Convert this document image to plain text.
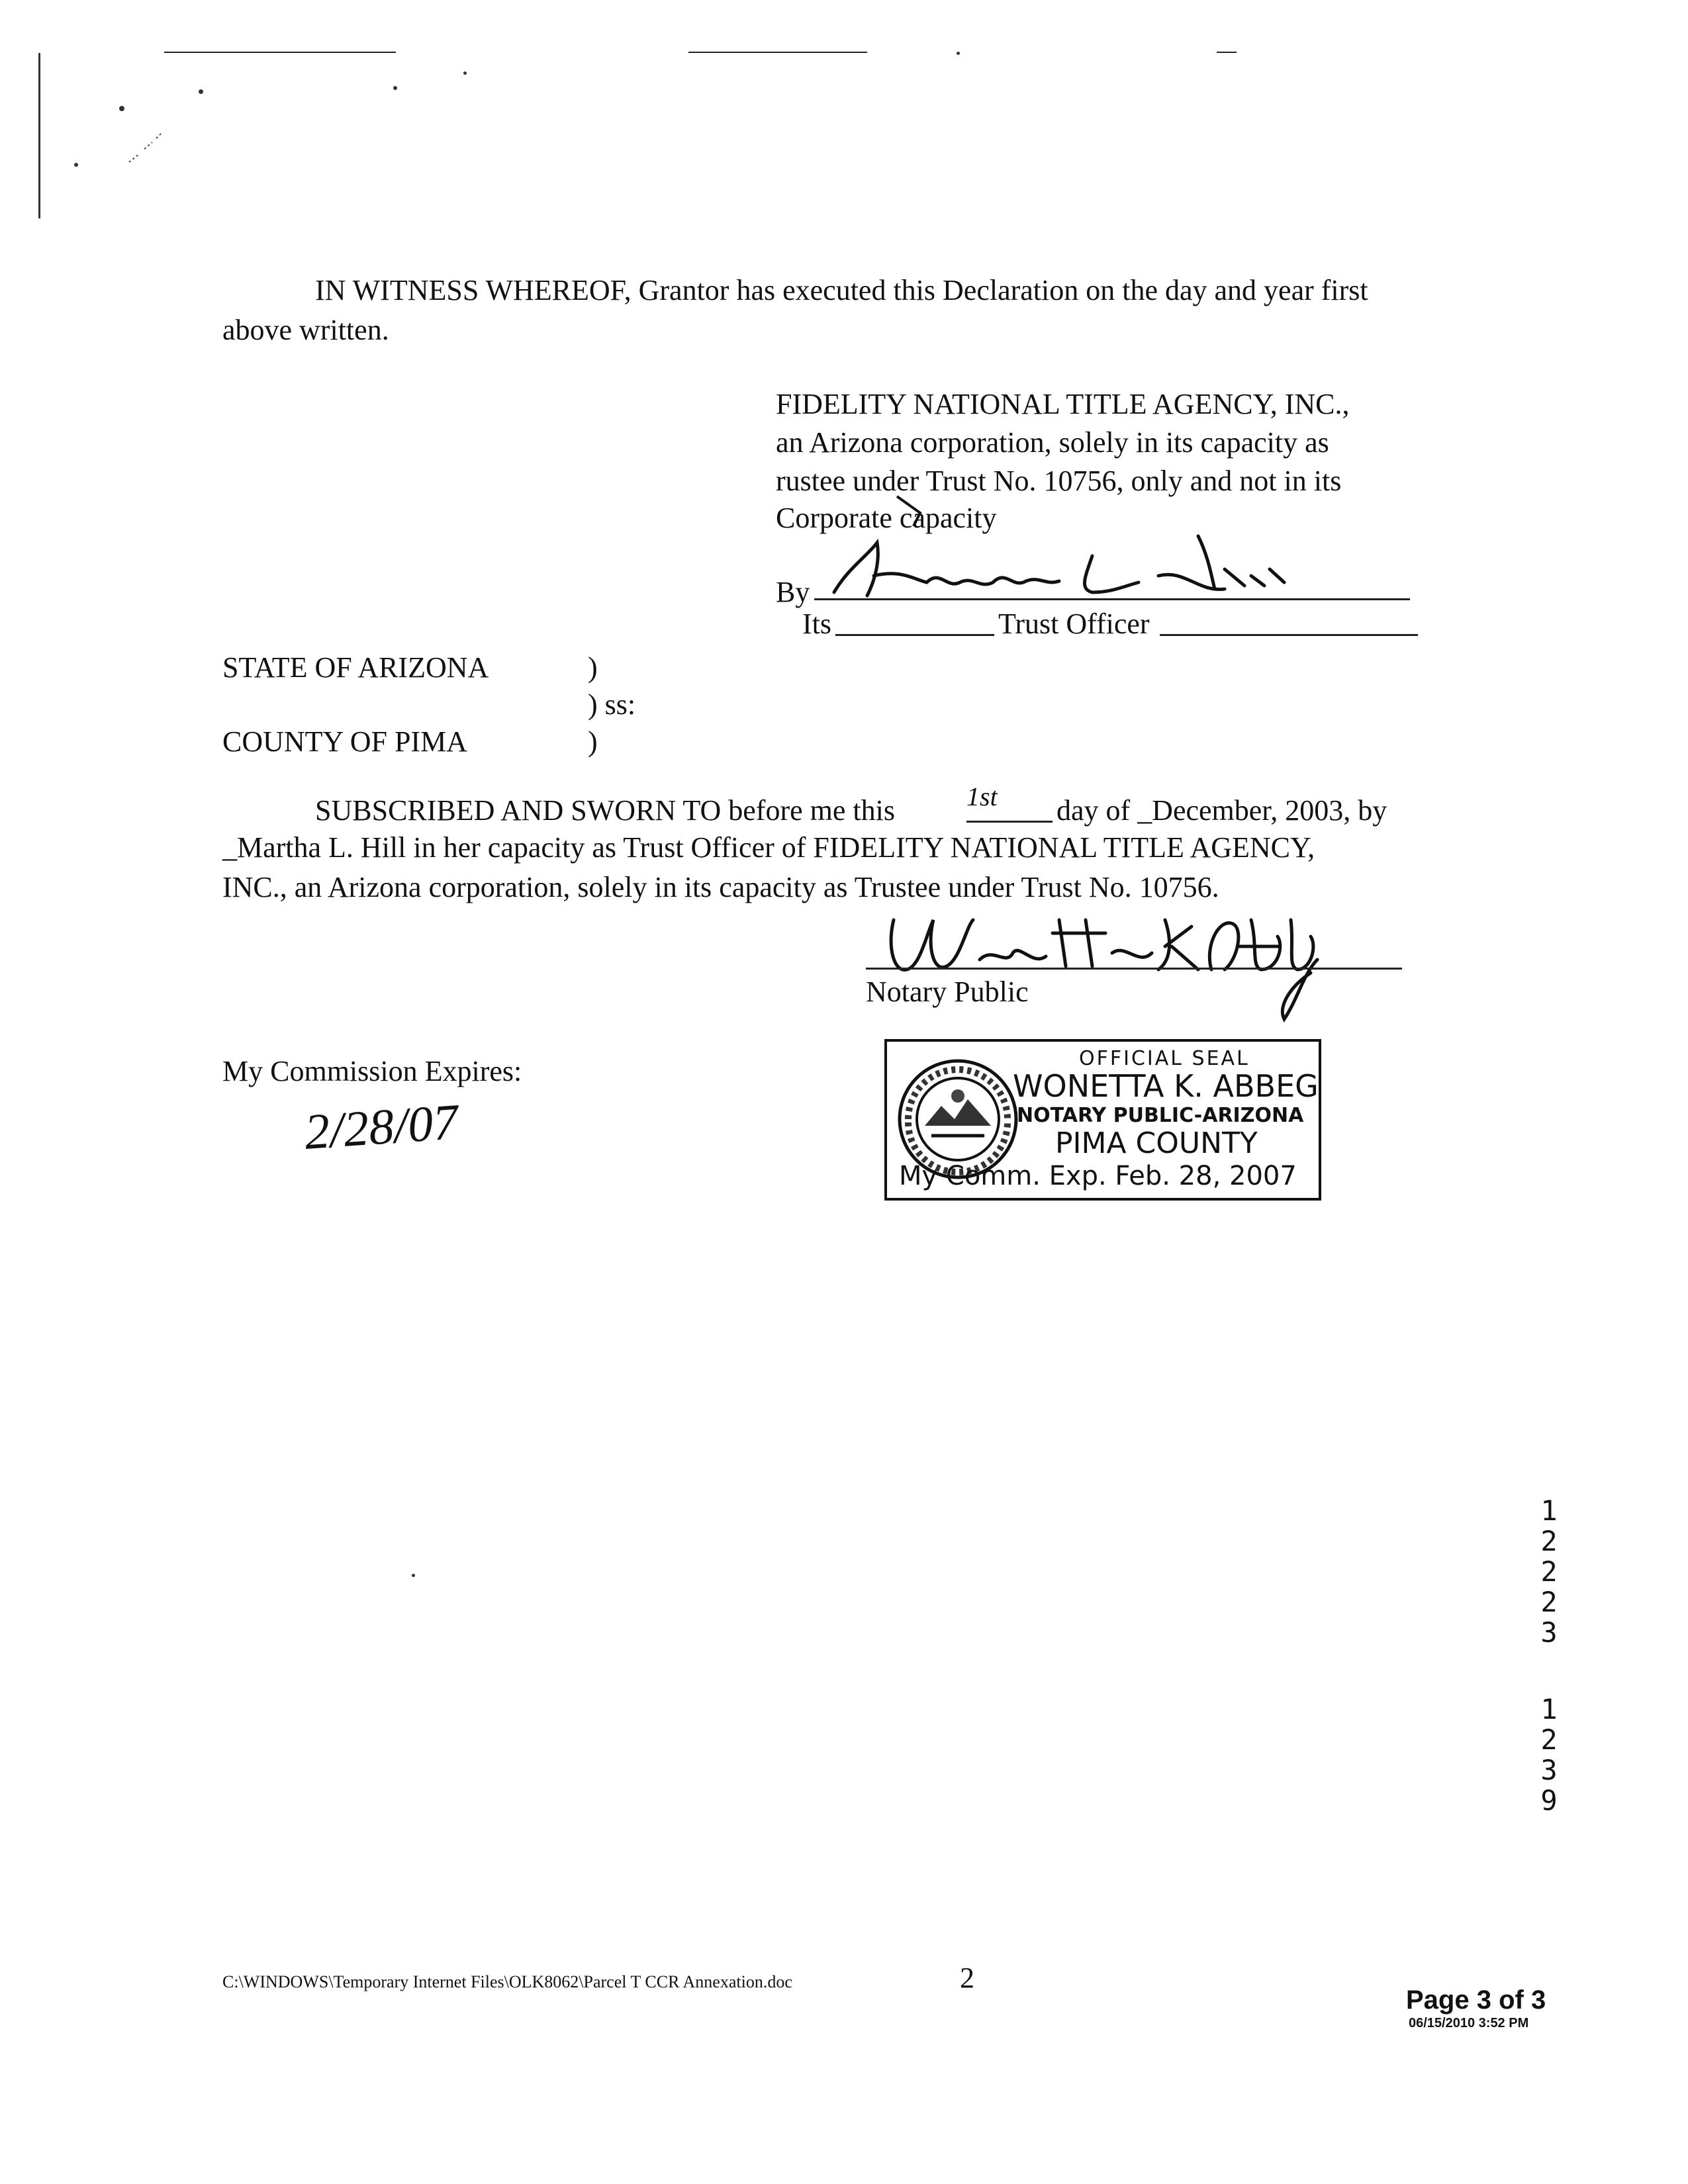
IN WITNESS WHEREOF, Grantor has executed this Declaration on the day and year first
above written.
FIDELITY NATIONAL TITLE AGENCY, INC.,
an Arizona corporation, solely in its capacity as
rustee under Trust No. 10756, only and not in its
Corporate capacity
By
Its	Trust Officer
STATE OF ARIZONA	)
) ss:
COUNTY OF PIMA	)
SUBSCRIBED AND SWORN TO before me this	1st	day of _December, 2003, by
_Martha L. Hill in her capacity as Trust Officer of FIDELITY NATIONAL TITLE AGENCY,
INC., an Arizona corporation, solely in its capacity as Trustee under Trust No. 10756.
Notary Public
My Commission Expires:
2/28/07
OFFICIAL SEAL
WONETTA K. ABBEG
NOTARY PUBLIC-ARIZONA
PIMA COUNTY
My Comm. Exp. Feb. 28, 2007
1
2
2
2
3
1
2
3
9
C:\WINDOWS\Temporary Internet Files\OLK8062\Parcel T CCR Annexation.doc	2
Page 3 of 3
06/15/2010 3:52 PM
